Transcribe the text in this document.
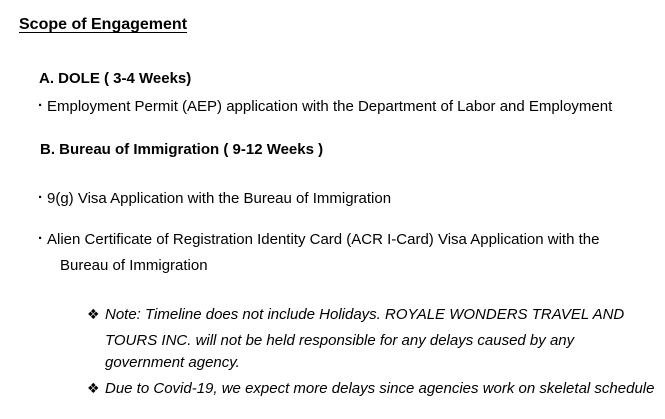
Scope of Engagement
A. DOLE ( 3-4 Weeks)
· Employment Permit (AEP) application with the Department of Labor and Employment
B. Bureau of Immigration ( 9-12 Weeks )
· 9(g) Visa Application with the Bureau of Immigration
· Alien Certificate of Registration Identity Card (ACR I-Card) Visa Application with the
Bureau of Immigration
❖ Note: Timeline does not include Holidays. ROYALE WONDERS TRAVEL AND
TOURS INC. will not be held responsible for any delays caused by any
government agency.
❖ Due to Covid-19, we expect more delays since agencies work on skeletal schedule
